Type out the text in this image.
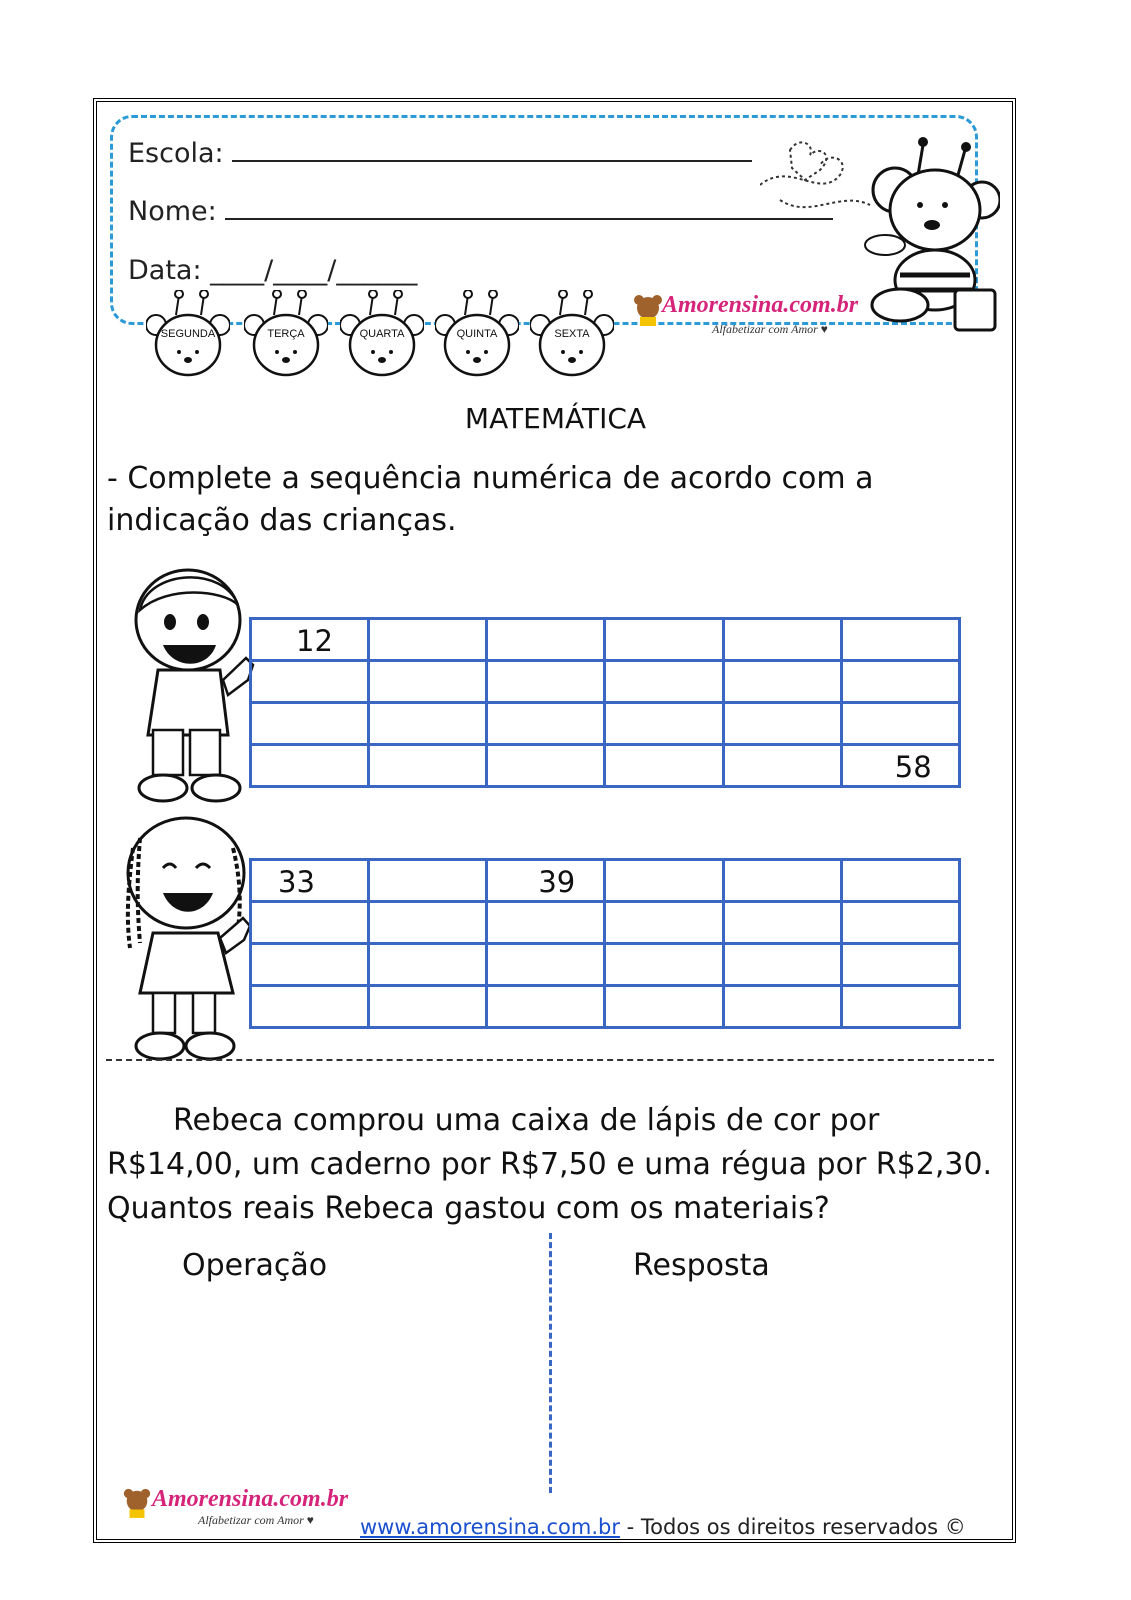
Escola:
Nome:
Data: ____/____/______
SEGUNDA	TERÇA	QUARTA	QUINTA	SEXTA
Amorensina.com.br
Alfabetizar com Amor ♥
MATEMÁTICA
- Complete a sequência numérica de acordo com a indicação das crianças.
12					

					58
33		39			

Rebeca comprou uma caixa de lápis de cor por
R$14,00, um caderno por R$7,50 e uma régua por R$2,30.
Quantos reais Rebeca gastou com os materiais?
Operação	Resposta
Amorensina.com.br
Alfabetizar com Amor ♥ www.amorensina.com.br - Todos os direitos reservados ©
